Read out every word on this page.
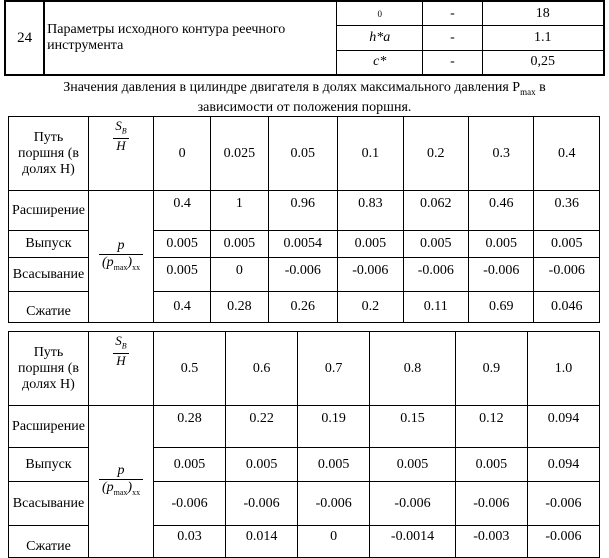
24	Параметры исходного контура реечного инструмента	0	-	18
		h*a	-	1.1
		c*	-	0,25
Значения давления в цилиндре двигателя в долях максимального давления $P_{max}$ в
зависимости от положения поршня.
Путь поршня (в долях H)	$\frac{S_B}{H}$	0	0.025	0.05	0.1	0.2	0.3	0.4
Расширение	$\frac{p}{(p_{max})_{xx}}$	0.4	1	0.96	0.83	0.062	0.46	0.36
Выпуск		0.005	0.005	0.0054	0.005	0.005	0.005	0.005
Всасывание		0.005	0	-0.006	-0.006	-0.006	-0.006	-0.006
Сжатие		0.4	0.28	0.26	0.2	0.11	0.69	0.046
Путь поршня (в долях H)	$\frac{S_B}{H}$	0.5	0.6	0.7	0.8	0.9	1.0
Расширение	$\frac{p}{(p_{max})_{xx}}$	0.28	0.22	0.19	0.15	0.12	0.094
Выпуск		0.005	0.005	0.005	0.005	0.005	0.094
Всасывание		-0.006	-0.006	-0.006	-0.006	-0.006	-0.006
Сжатие		0.03	0.014	0	-0.0014	-0.003	-0.006
